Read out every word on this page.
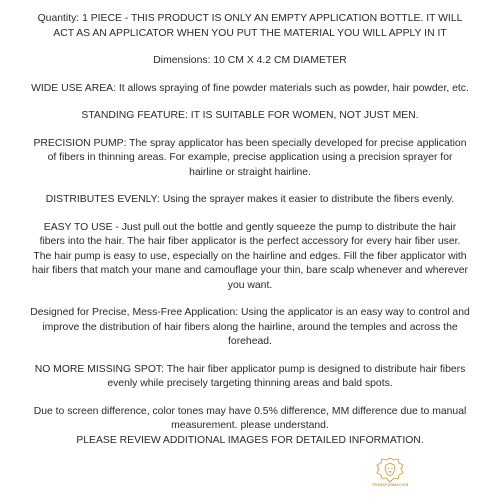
Quantity: 1 PIECE - THIS PRODUCT IS ONLY AN EMPTY APPLICATION BOTTLE. IT WILL ACT AS AN APPLICATOR WHEN YOU PUT THE MATERIAL YOU WILL APPLY IN IT

Dimensions: 10 CM X 4.2 CM DIAMETER

WIDE USE AREA: It allows spraying of fine powder materials such as powder, hair powder, etc.

STANDING FEATURE: IT IS SUITABLE FOR WOMEN, NOT JUST MEN.

PRECISION PUMP: The spray applicator has been specially developed for precise application of fibers in thinning areas. For example, precise application using a precision sprayer for hairline or straight hairline.

DISTRIBUTES EVENLY: Using the sprayer makes it easier to distribute the fibers evenly.

EASY TO USE - Just pull out the bottle and gently squeeze the pump to distribute the hair fibers into the hair. The hair fiber applicator is the perfect accessory for every hair fiber user. The hair pump is easy to use, especially on the hairline and edges. Fill the fiber applicator with hair fibers that match your mane and camouflage your thin, bare scalp whenever and wherever you want.

Designed for Precise, Mess-Free Application: Using the applicator is an easy way to control and improve the distribution of hair fibers along the hairline, around the temples and across the forehead.

NO MORE MISSING SPOT: The hair fiber applicator pump is designed to distribute hair fibers evenly while precisely targeting thinning areas and bald spots.

Due to screen difference, color tones may have 0.5% difference, MM difference due to manual measurement. please understand.

PLEASE REVIEW ADDITIONAL IMAGES FOR DETAILED INFORMATION.

TRANSFORMACION
